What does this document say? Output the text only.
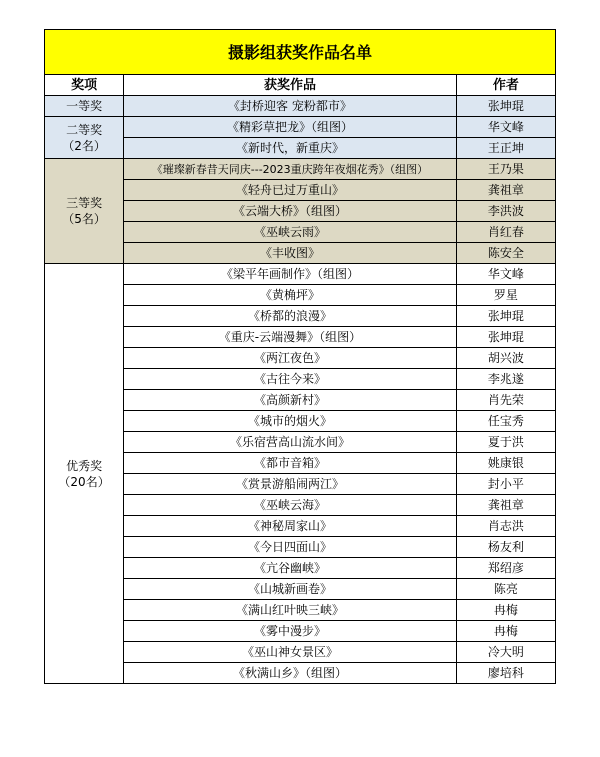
摄影组获奖作品名单		
奖项	获奖作品	作者
一等奖	《封桥迎客 宠粉都市》	张坤琨

二等奖
（2名）	《精彩草把龙》（组图）	华文峰
	《新时代，新重庆》	王正坤

三等奖
（5名）	《璀璨新春昔天同庆---2023重庆跨年夜烟花秀》（组图）	王乃果
	《轻舟已过万重山》	龚祖章
	《云端大桥》（组图）	李洪波
	《巫峡云雨》	肖红春
	《丰收图》	陈安全

优秀奖
（20名）	《梁平年画制作》（组图）	华文峰
	《黄桷坪》	罗星
	《桥都的浪漫》	张坤琨
	《重庆-云端漫舞》（组图）	张坤琨
	《两江夜色》	胡兴波
	《古往今来》	李兆遂
	《高颜新村》	肖先荣
	《城市的烟火》	任宝秀
	《乐宿营高山流水间》	夏于洪
	《都市音箱》	姚康银
	《赏景游船闹两江》	封小平
	《巫峡云海》	龚祖章
	《神秘周家山》	肖志洪
	《今日四面山》	杨友利
	《亢谷幽峡》	郑绍彦
	《山城新画卷》	陈亮
	《满山红叶映三峡》	冉梅
	《雾中漫步》	冉梅
	《巫山神女景区》	冷大明
	《秋满山乡》（组图）	廖培科
